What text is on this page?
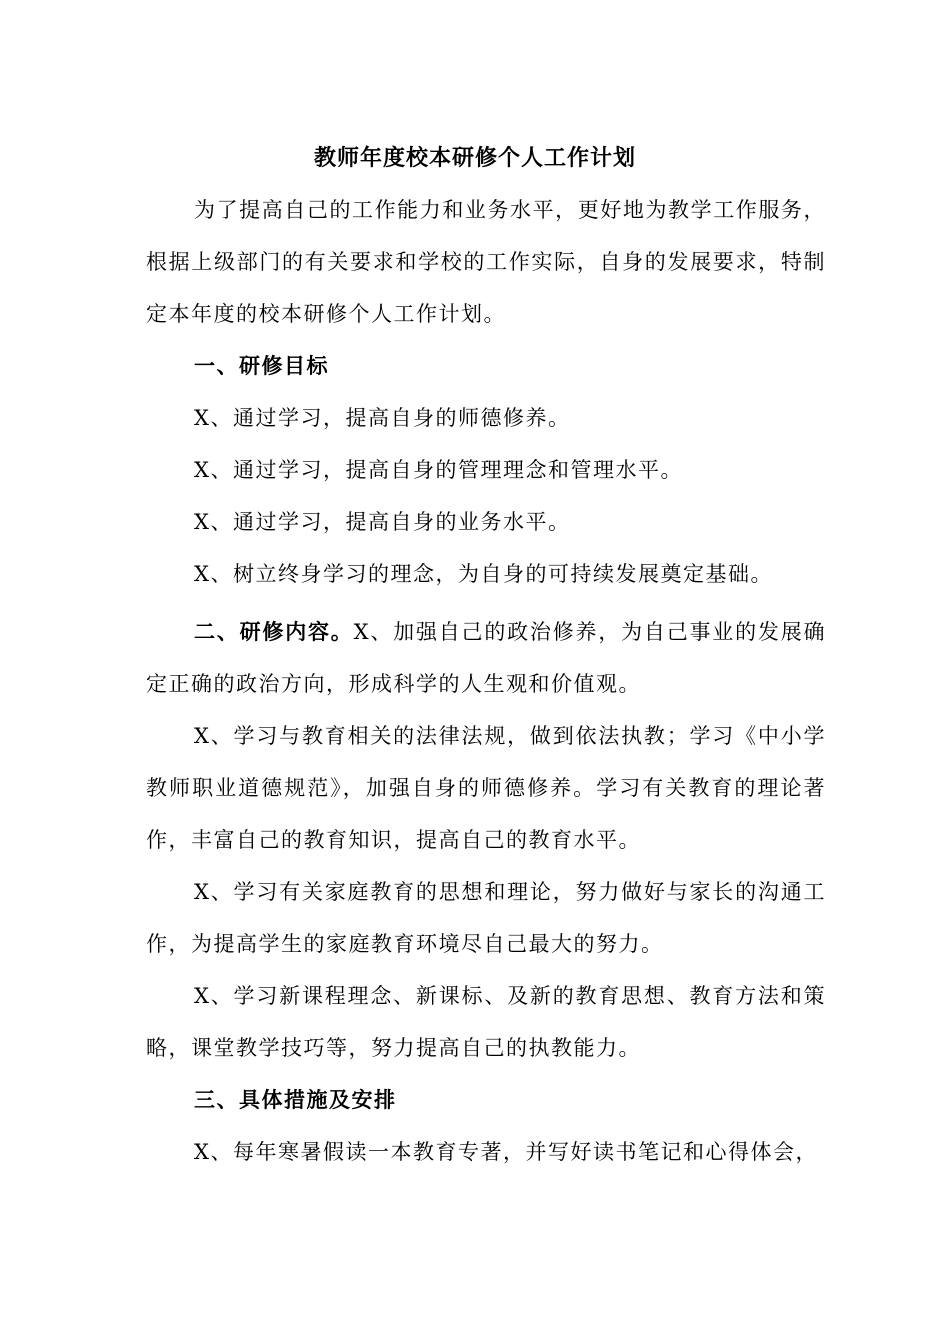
教师年度校本研修个人工作计划
为了提高自己的工作能力和业务水平，更好地为教学工作服务，根据上级部门的有关要求和学校的工作实际，自身的发展要求，特制定本年度的校本研修个人工作计划。
一、研修目标
X、通过学习，提高自身的师德修养。
X、通过学习，提高自身的管理理念和管理水平。
X、通过学习，提高自身的业务水平。
X、树立终身学习的理念，为自身的可持续发展奠定基础。
二、研修内容。X、加强自己的政治修养，为自己事业的发展确定正确的政治方向，形成科学的人生观和价值观。
X、学习与教育相关的法律法规，做到依法执教；学习《中小学教师职业道德规范》，加强自身的师德修养。学习有关教育的理论著作，丰富自己的教育知识，提高自己的教育水平。
X、学习有关家庭教育的思想和理论，努力做好与家长的沟通工作，为提高学生的家庭教育环境尽自己最大的努力。
X、学习新课程理念、新课标、及新的教育思想、教育方法和策略，课堂教学技巧等，努力提高自己的执教能力。
三、具体措施及安排
X、每年寒暑假读一本教育专著，并写好读书笔记和心得体会，
